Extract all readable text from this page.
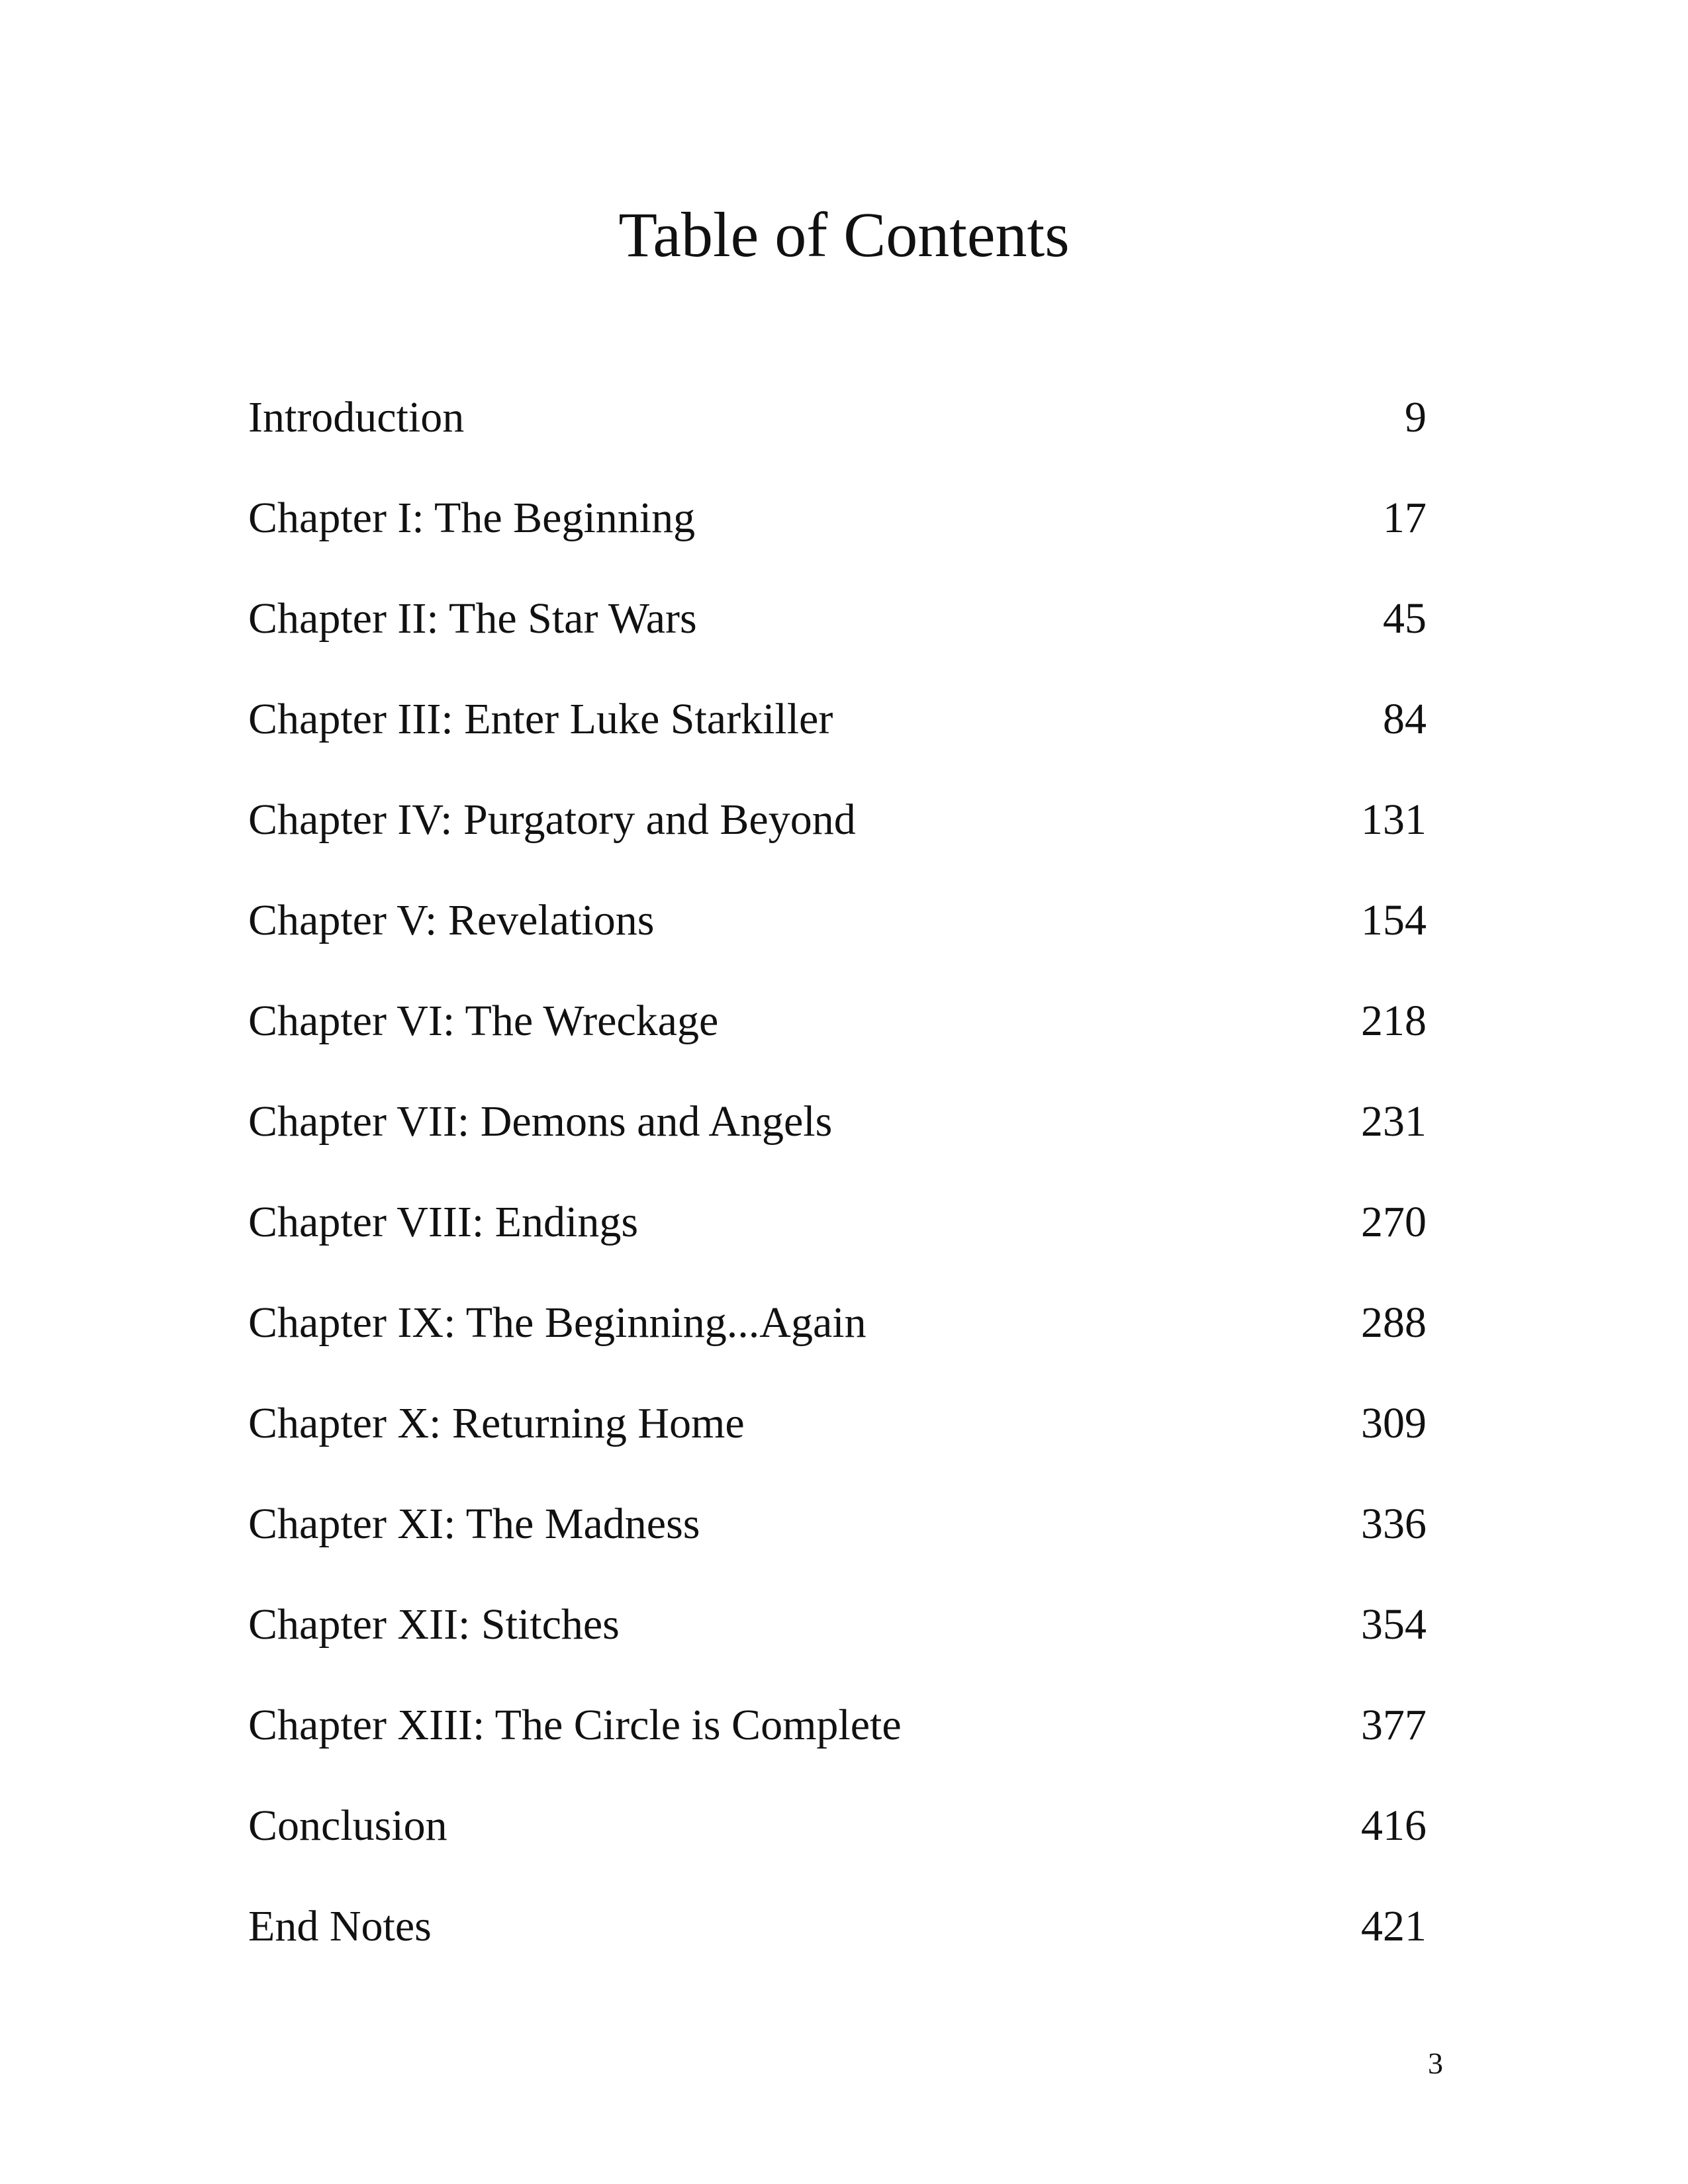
Table of Contents
Introduction	9
Chapter I: The Beginning	17
Chapter II: The Star Wars	45
Chapter III: Enter Luke Starkiller	84
Chapter IV: Purgatory and Beyond	131
Chapter V: Revelations	154
Chapter VI: The Wreckage	218
Chapter VII: Demons and Angels	231
Chapter VIII: Endings	270
Chapter IX: The Beginning...Again	288
Chapter X: Returning Home	309
Chapter XI: The Madness	336
Chapter XII: Stitches	354
Chapter XIII: The Circle is Complete	377
Conclusion	416
End Notes	421
3
